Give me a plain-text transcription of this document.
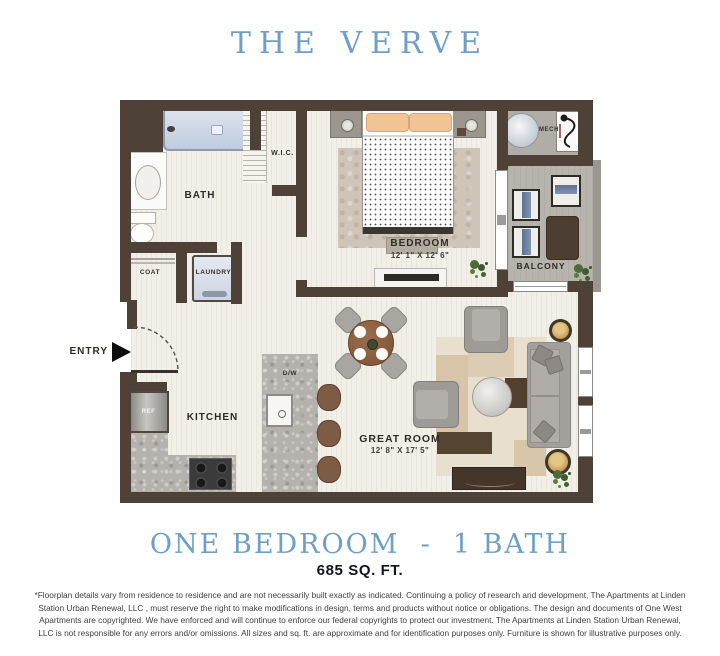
THE VERVE
REF
BATH
W.I.C.
BEDROOM
12' 1" X 12' 6"
MECH
BALCONY
COAT	LAUNDRY
ENTRY
KITCHEN
D/W
GREAT ROOM
12' 8" X 17' 5"
ONE BEDROOM  -  1 BATH
685 SQ. FT.
*Floorplan details vary from residence to residence and are not necessarily built exactly as indicated. Continuing a policy of research and development, The Apartments at Linden Station Urban Renewal, LLC , must reserve the right to make modifications in design, terms and products without notice or obligations. The design and documents of One West Apartments are copyrighted. We have enforced and will continue to enforce our federal copyrights to protect our investment. The Apartments at Linden Station Urban Renewal, LLC is not responsible for any errors and/or omissions. All sizes and sq. ft. are approximate and for identification purposes only. Furniture is shown for illustrative purposes only.
